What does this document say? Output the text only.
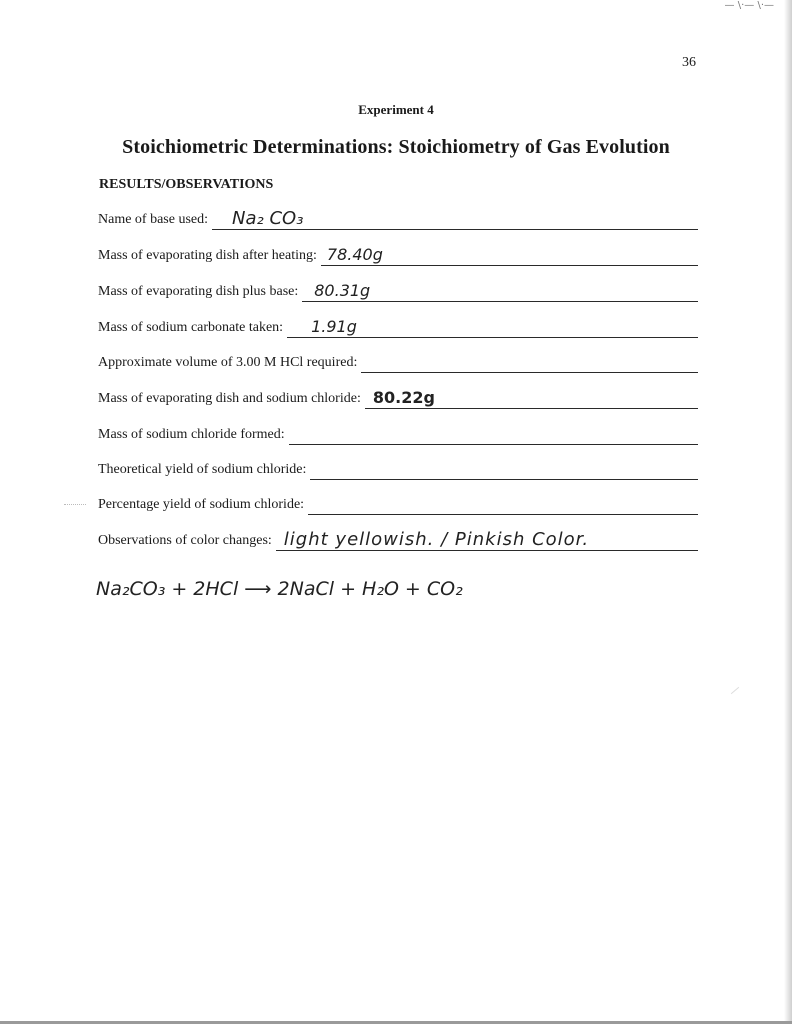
— \·— \·—
36
Experiment 4
Stoichiometric Determinations: Stoichiometry of Gas Evolution
RESULTS/OBSERVATIONS
Name of base used: Na₂ CO₃
Mass of evaporating dish after heating: 78.40g
Mass of evaporating dish plus base: 80.31g
Mass of sodium carbonate taken: 1.91g
Approximate volume of 3.00 M HCl required:
Mass of evaporating dish and sodium chloride: 80.22g
Mass of sodium chloride formed:
Theoretical yield of sodium chloride:
Percentage yield of sodium chloride:
Observations of color changes: light yellowish. / Pinkish Color.
Na₂CO₃ + 2HCl ⟶ 2NaCl + H₂O + CO₂
